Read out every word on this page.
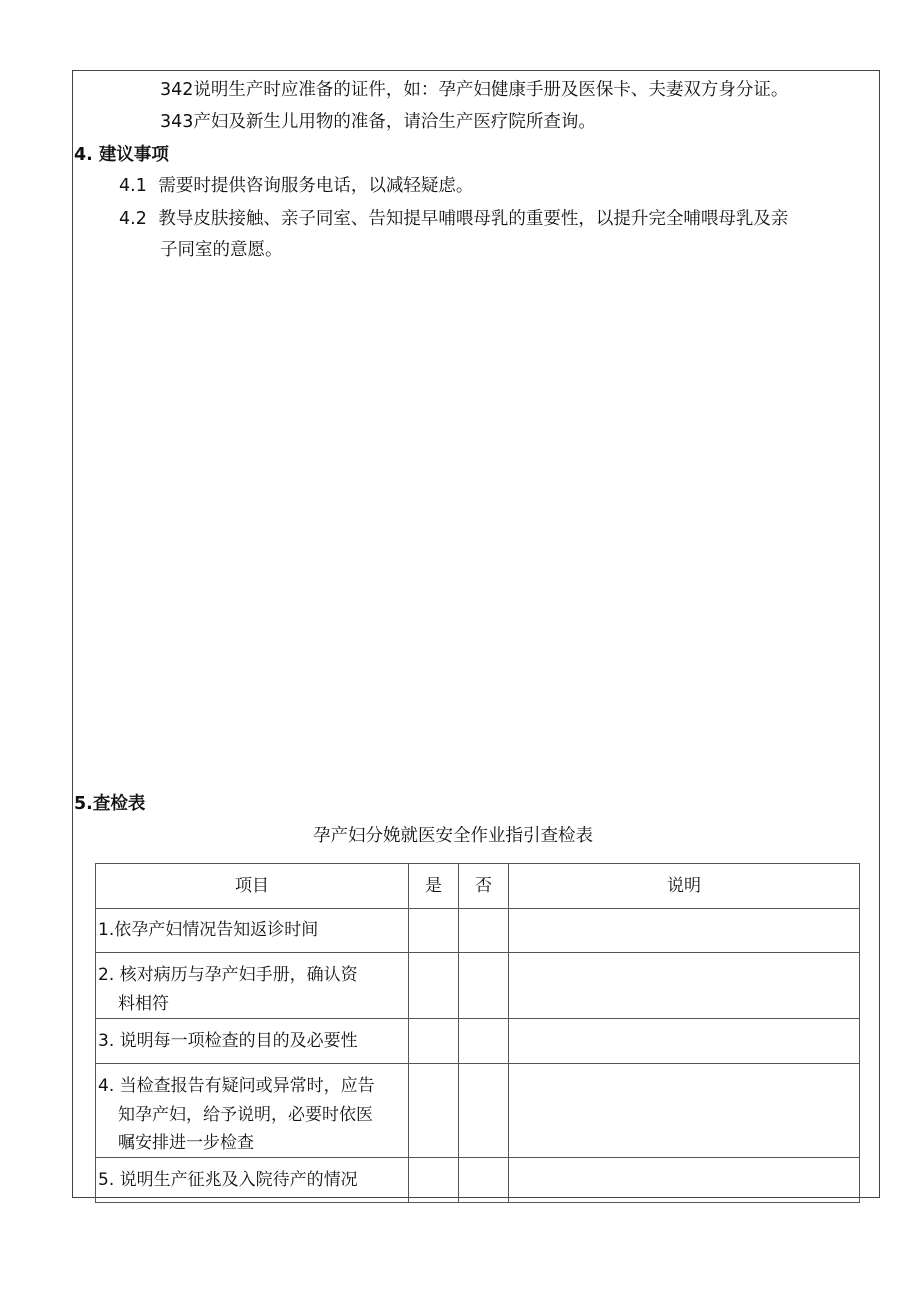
342说明生产时应准备的证件，如：孕产妇健康手册及医保卡、夫妻双方身分证。
343产妇及新生儿用物的准备，请洽生产医疗院所查询。
4. 建议事项
4.1 需要时提供咨询服务电话，以减轻疑虑。
4.2 教导皮肤接触、亲子同室、告知提早哺喂母乳的重要性，以提升完全哺喂母乳及亲
子同室的意愿。
5.查检表
孕产妇分娩就医安全作业指引查检表
项目	是	否	说明

1.依孕产妇情况告知返诊时间			

2. 核对病历与孕产妇手册，确认资
料相符			

3. 说明每一项检查的目的及必要性			

4. 当检查报告有疑问或异常时，应告
知孕产妇，给予说明，必要时依医
嘱安排进一步检查			

5. 说明生产征兆及入院待产的情况			
